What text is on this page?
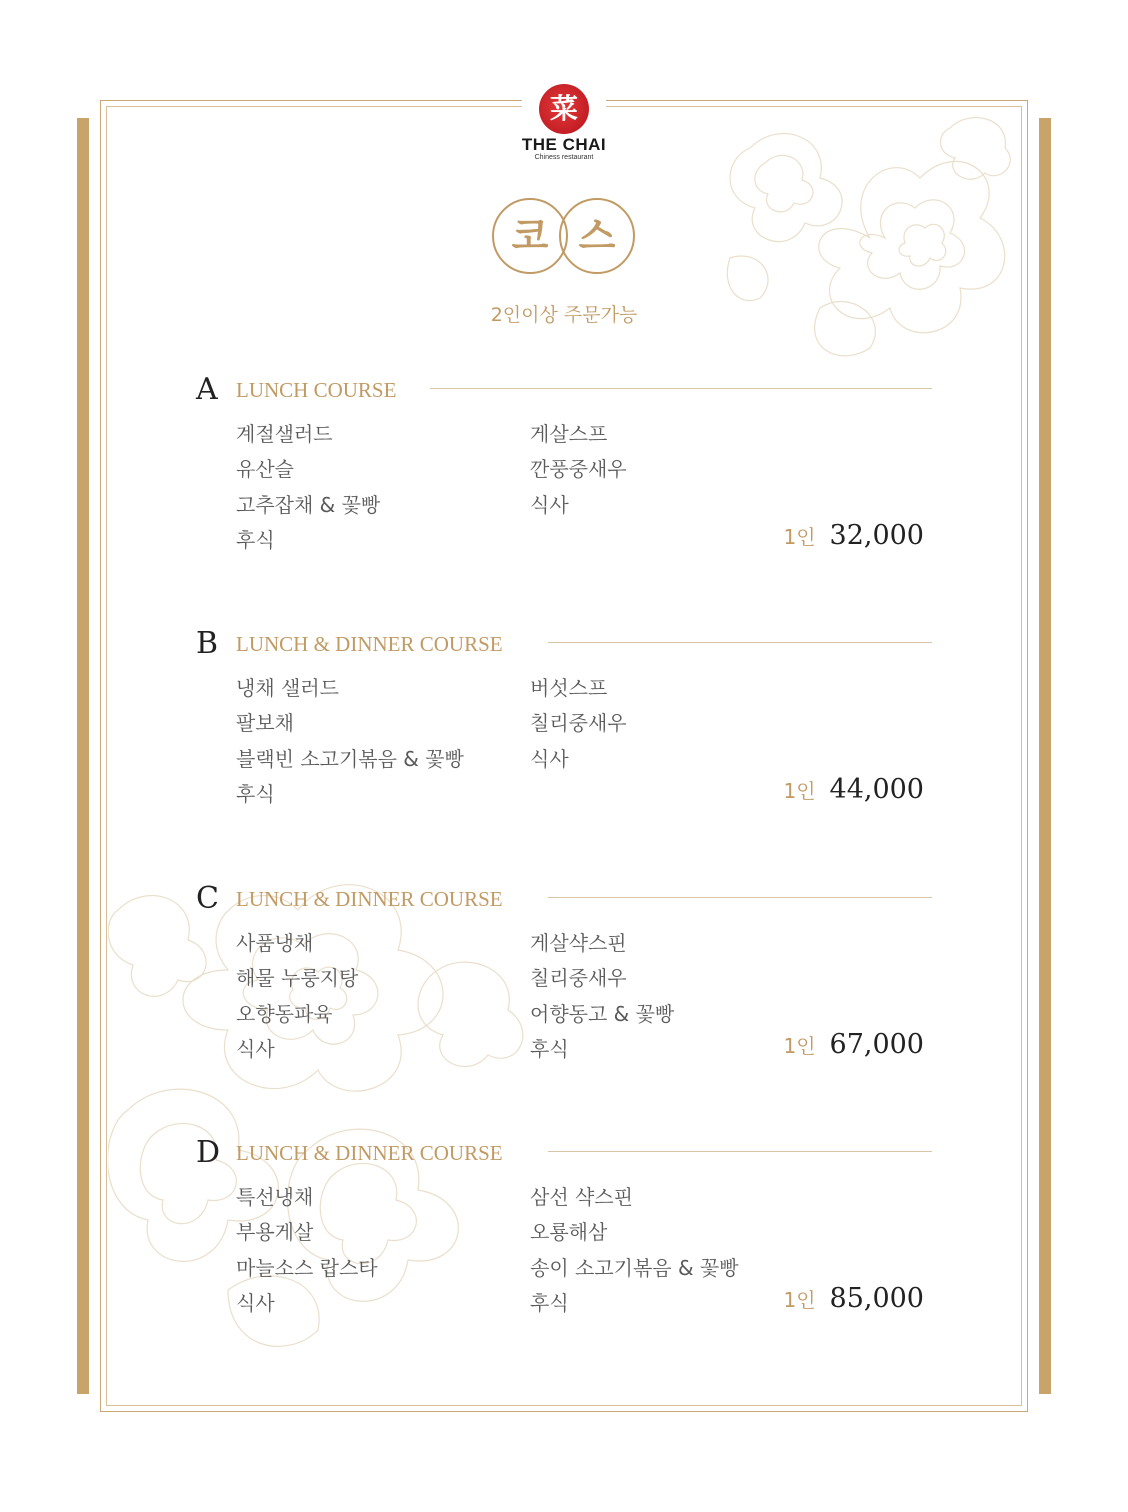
菜
THE CHAI
Chiness restaurant
코 스
2인이상 주문가능
A LUNCH COURSE
계절샐러드
유산슬
고추잡채 & 꽃빵
후식
게살스프
깐풍중새우
식사
1인 32,000
B LUNCH & DINNER COURSE
냉채 샐러드
팔보채
블랙빈 소고기볶음 & 꽃빵
후식
버섯스프
칠리중새우
식사
1인 44,000
C LUNCH & DINNER COURSE
사품냉채
해물 누룽지탕
오향동파육
식사
게살샥스핀
칠리중새우
어향동고 & 꽃빵
후식	1인 67,000
D LUNCH & DINNER COURSE
특선냉채
부용게살
마늘소스 랍스타
식사
삼선 샥스핀
오룡해삼
송이 소고기볶음 & 꽃빵
후식	1인 85,000
